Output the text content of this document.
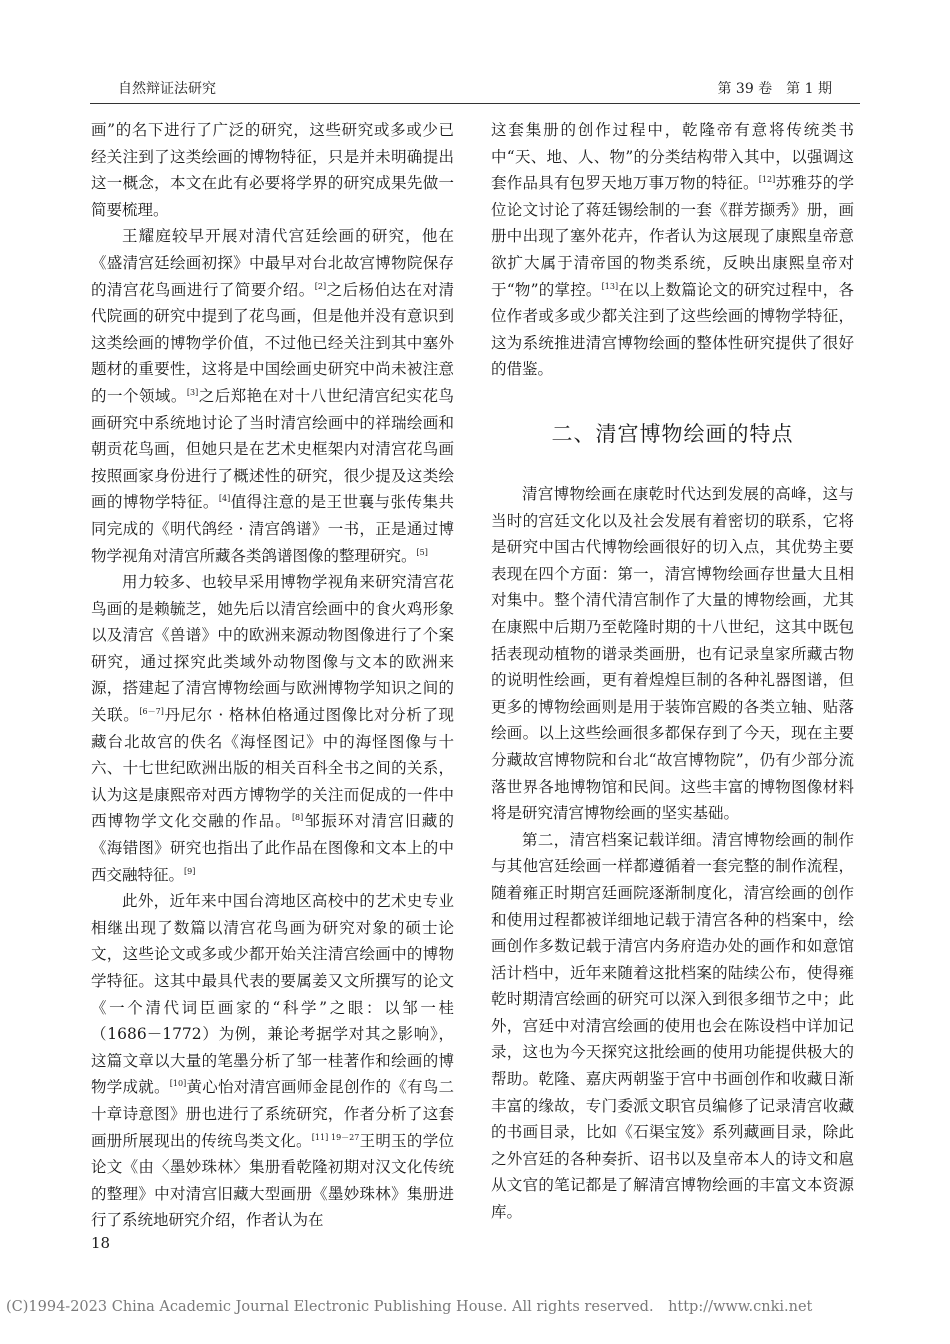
自然辩证法研究	第 39 卷　第 1 期

画”的名下进行了广泛的研究，这些研究或多或少已经关注到了这类绘画的博物特征，只是并未明确提出这一概念，本文在此有必要将学界的研究成果先做一简要梳理。

王耀庭较早开展对清代宫廷绘画的研究，他在《盛清宫廷绘画初探》中最早对台北故宫博物院保存的清宫花鸟画进行了简要介绍。[2]之后杨伯达在对清代院画的研究中提到了花鸟画，但是他并没有意识到这类绘画的博物学价值，不过他已经关注到其中塞外题材的重要性，这将是中国绘画史研究中尚未被注意的一个领域。[3]之后郑艳在对十八世纪清宫纪实花鸟画研究中系统地讨论了当时清宫绘画中的祥瑞绘画和朝贡花鸟画，但她只是在艺术史框架内对清宫花鸟画按照画家身份进行了概述性的研究，很少提及这类绘画的博物学特征。[4]值得注意的是王世襄与张传集共同完成的《明代鸽经 · 清宫鸽谱》一书，正是通过博物学视角对清宫所藏各类鸽谱图像的整理研究。[5]

用力较多、也较早采用博物学视角来研究清宫花鸟画的是赖毓芝，她先后以清宫绘画中的食火鸡形象以及清宫《兽谱》中的欧洲来源动物图像进行了个案研究，通过探究此类域外动物图像与文本的欧洲来源，搭建起了清宫博物绘画与欧洲博物学知识之间的关联。[6－7]丹尼尔 · 格林伯格通过图像比对分析了现藏台北故宫的佚名《海怪图记》中的海怪图像与十六、十七世纪欧洲出版的相关百科全书之间的关系，认为这是康熙帝对西方博物学的关注而促成的一件中西博物学文化交融的作品。[8]邹振环对清宫旧藏的《海错图》研究也指出了此作品在图像和文本上的中西交融特征。[9]

此外，近年来中国台湾地区高校中的艺术史专业相继出现了数篇以清宫花鸟画为研究对象的硕士论文，这些论文或多或少都开始关注清宫绘画中的博物学特征。这其中最具代表的要属姜又文所撰写的论文《一个清代词臣画家的“科学”之眼：以邹一桂（1686－1772）为例，兼论考据学对其之影响》，这篇文章以大量的笔墨分析了邹一桂著作和绘画的博物学成就。[10]黄心怡对清宫画师金昆创作的《有鸟二十章诗意图》册也进行了系统研究，作者分析了这套画册所展现出的传统鸟类文化。$^{[11] 19-27}$王明玉的学位论文《由〈墨妙珠林〉集册看乾隆初期对汉文化传统的整理》中对清宫旧藏大型画册《墨妙珠林》集册进行了系统地研究介绍，作者认为在

这套集册的创作过程中，乾隆帝有意将传统类书中“天、地、人、物”的分类结构带入其中，以强调这套作品具有包罗天地万事万物的特征。[12]苏雅芬的学位论文讨论了蒋廷锡绘制的一套《群芳撷秀》册，画册中出现了塞外花卉，作者认为这展现了康熙皇帝意欲扩大属于清帝国的物类系统，反映出康熙皇帝对于“物”的掌控。[13]在以上数篇论文的研究过程中，各位作者或多或少都关注到了这些绘画的博物学特征，这为系统推进清宫博物绘画的整体性研究提供了很好的借鉴。

二、清宫博物绘画的特点

清宫博物绘画在康乾时代达到发展的高峰，这与当时的宫廷文化以及社会发展有着密切的联系，它将是研究中国古代博物绘画很好的切入点，其优势主要表现在四个方面：第一，清宫博物绘画存世量大且相对集中。整个清代清宫制作了大量的博物绘画，尤其在康熙中后期乃至乾隆时期的十八世纪，这其中既包括表现动植物的谱录类画册，也有记录皇家所藏古物的说明性绘画，更有着煌煌巨制的各种礼器图谱，但更多的博物绘画则是用于装饰宫殿的各类立轴、贴落绘画。以上这些绘画很多都保存到了今天，现在主要分藏故宫博物院和台北“故宫博物院”，仍有少部分流落世界各地博物馆和民间。这些丰富的博物图像材料将是研究清宫博物绘画的坚实基础。

第二，清宫档案记载详细。清宫博物绘画的制作与其他宫廷绘画一样都遵循着一套完整的制作流程，随着雍正时期宫廷画院逐渐制度化，清宫绘画的创作和使用过程都被详细地记载于清宫各种的档案中，绘画创作多数记载于清宫内务府造办处的画作和如意馆活计档中，近年来随着这批档案的陆续公布，使得雍乾时期清宫绘画的研究可以深入到很多细节之中；此外，宫廷中对清宫绘画的使用也会在陈设档中详加记录，这也为今天探究这批绘画的使用功能提供极大的帮助。乾隆、嘉庆两朝鉴于宫中书画创作和收藏日渐丰富的缘故，专门委派文职官员编修了记录清宫收藏的书画目录，比如《石渠宝笈》系列藏画目录，除此之外宫廷的各种奏折、诏书以及皇帝本人的诗文和扈从文官的笔记都是了解清宫博物绘画的丰富文本资源库。

18
(C)1994-2023 China Academic Journal Electronic Publishing House. All rights reserved.　http://www.cnki.net
